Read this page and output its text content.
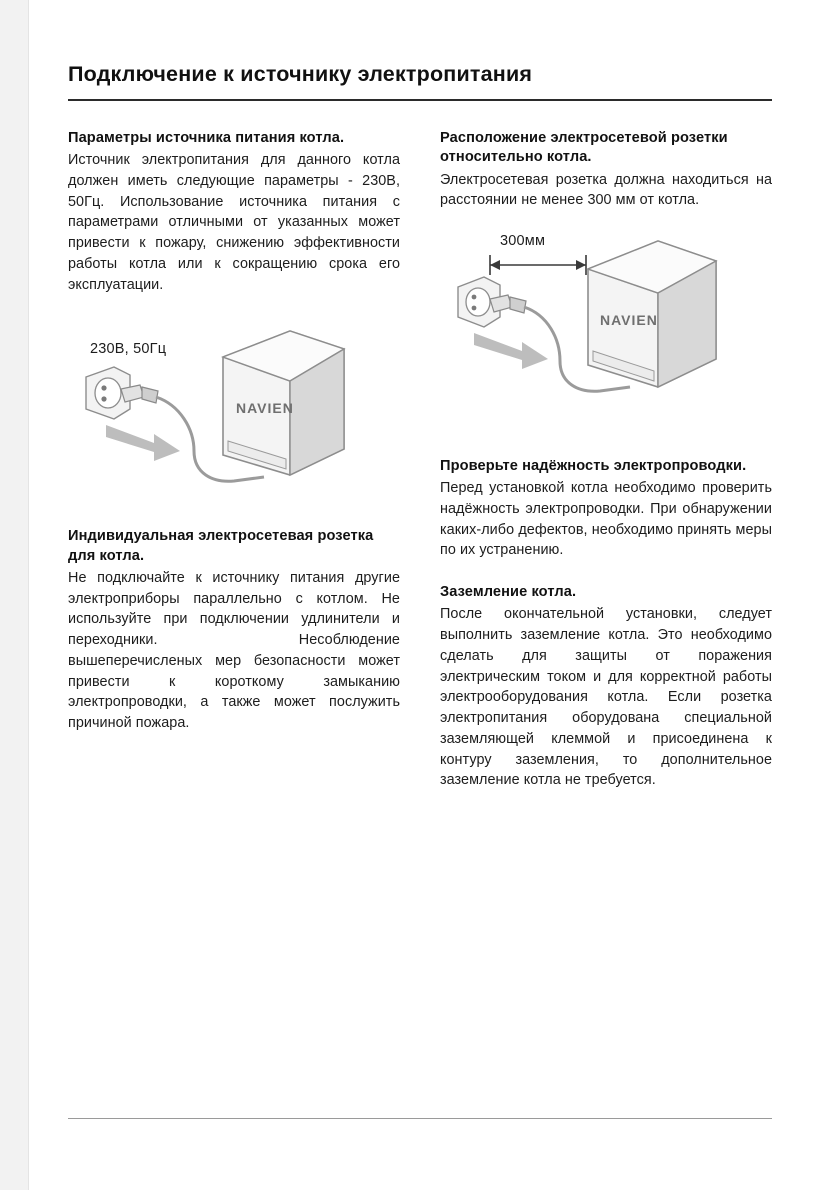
Подключение к источнику электропитания
Параметры источника питания котла.

Источник электропитания для данного котла должен иметь следующие параметры - 230В, 50Гц. Использование источника питания с параметрами отличными от указанных может привести к пожару, снижению эффективности работы котла или к сокращению срока его эксплуатации.

230В, 50Гц
NAVIEN
Индивидуальная электросетевая розетка для котла.

Не подключайте к источнику питания другие электроприборы параллельно с котлом. Не используйте при подключении удлинители и переходники. Несоблюдение вышеперечисленых мер безопасности может привести к короткому замыканию электропроводки, а также может послужить причиной пожара.

Расположение электросетевой розетки относительно котла.

Электросетевая розетка должна находиться на расстоянии не менее 300 мм от котла.

300мм
NAVIEN
Проверьте надёжность электропроводки.

Перед установкой котла необходимо проверить надёжность электропроводки. При обнаружении каких-либо дефектов, необходимо принять меры по их устранению.

Заземление котла.

После окончательной установки, следует выполнить заземление котла. Это необходимо сделать для защиты от поражения электрическим током и для корректной работы электрооборудования котла. Если розетка электропитания оборудована специальной заземляющей клеммой и присоединена к контуру заземления, то дополнительное заземление котла не требуется.
